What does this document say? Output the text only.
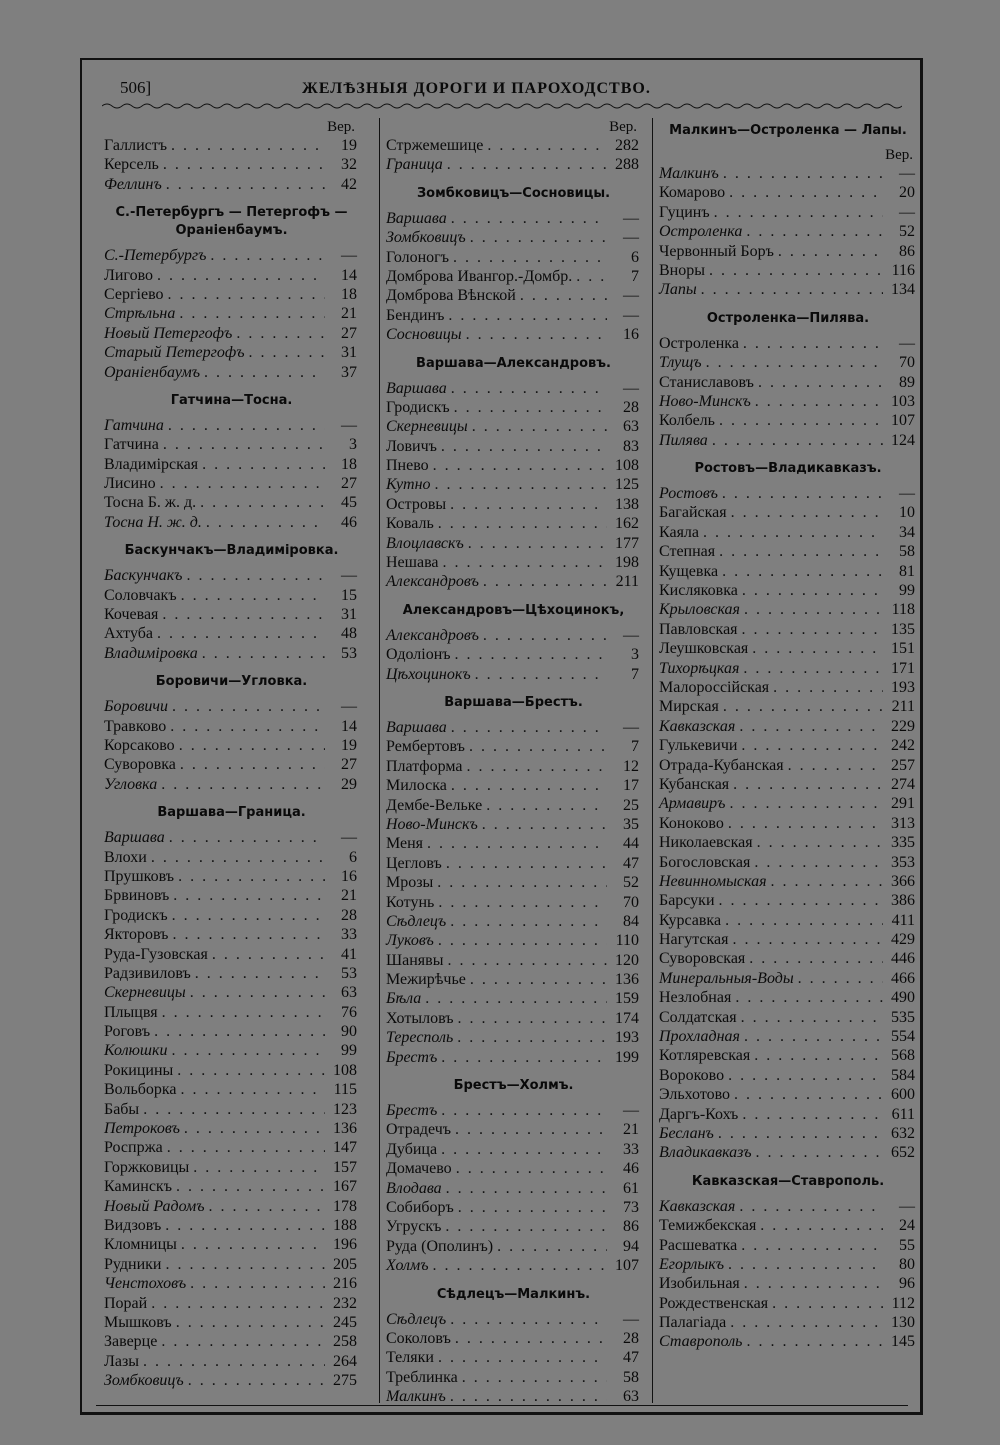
506]	ЖЕЛѢЗНЫЯ ДОРОГИ И ПАРОХОДСТВО.
Вер.
Галлистъ . . .	19
Керсель . . .	32
Феллинъ . . .	42
С.-Петербургъ — Петергофъ — Ораніенбаумъ.
С.-Петербургъ . . .	—
Лигово . . .	14
Сергіево . . .	18
Стрѣльна . . .	21
Новый Петергофъ . . .	27
Старый Петергофъ . . .	31
Ораніенбаумъ . . .	37
Гатчина—Тосна.
Гатчина . . .	—
Гатчина . . .	3
Владимірская . . .	18
Лисино . . .	27
Тосна Б. ж. д. . . .	45
Тосна Н. ж. д. . . .	46
Баскунчакъ—Владиміровка.
Баскунчакъ . . .	—
Соловчакъ . . .	15
Кочевая . . .	31
Ахтуба . . .	48
Владиміровка . . .	53
Боровичи—Угловка.
Боровичи . . .	—
Травково . . .	14
Корсаково . . .	19
Суворовка . . .	27
Угловка . . .	29
Варшава—Граница.
Варшава . . .	—
Влохи . . .	6
Прушковъ . . .	16
Брвиновъ . . .	21
Гродискъ . . .	28
Якторовъ . . .	33
Руда-Гузовская . . .	41
Радзивиловъ . . .	53
Скерневицы . . .	63
Плыцвя . . .	76
Роговъ . . .	90
Колюшки . . .	99
Рокицины . . .	108
Вольборка . . .	115
Бабы . . .	123
Петроковъ . . .	136
Роспржа . . .	147
Горжковицы . . .	157
Каминскъ . . .	167
Новый Радомъ . . .	178
Видзовъ . . .	188
Кломницы . . .	196
Рудники . . .	205
Ченстоховъ . . .	216
Порай . . .	232
Мышковъ . . .	245
Заверце . . .	258
Лазы . . .	264
Зомбковицъ . . .	275
Вер.
Стржемешице . . .	282
Граница . . .	288
Зомбковицъ—Сосновицы.
Варшава . . .	—
Зомбковицъ . . .	—
Голоногъ . . .	6
Домброва Ивангор.-Домбр. . . .	7
Домброва Вѣнской . . .	—
Бендинъ . . .	—
Сосновицы . . .	16
Варшава—Александровъ.
Варшава . . .	—
Гродискъ . . .	28
Скерневицы . . .	63
Ловичъ . . .	83
Пнево . . .	108
Кутно . . .	125
Островы . . .	138
Коваль . . .	162
Влоцлавскъ . . .	177
Нешава . . .	198
Александровъ . . .	211
Александровъ—Цѣхоцинокъ,
Александровъ . . .	—
Одоліонъ . . .	3
Цѣхоцинокъ . . .	7
Варшава—Брестъ.
Варшава . . .	—
Рембертовъ . . .	7
Платформа . . .	12
Милоска . . .	17
Дембе-Вельке . . .	25
Ново-Минскъ . . .	35
Меня . . .	44
Цегловъ . . .	47
Мрозы . . .	52
Котунь . . .	70
Сѣдлецъ . . .	84
Луковъ . . .	110
Шанявы . . .	120
Межирѣчье . . .	136
Бѣла . . .	159
Хотыловъ . . .	174
Тересполь . . .	193
Брестъ . . .	199
Брестъ—Холмъ.
Брестъ . . .	—
Отрадечъ . . .	21
Дубица . . .	33
Домачево . . .	46
Влодава . . .	61
Собиборъ . . .	73
Угрускъ . . .	86
Руда (Ополинъ) . . .	94
Холмъ . . .	107
Сѣдлецъ—Малкинъ.
Сѣдлецъ . . .	—
Соколовъ . . .	28
Теляки . . .	47
Треблинка . . .	58
Малкинъ . . .	63
Малкинъ—Остроленка — Лапы.
Вер.
Малкинъ . . .	—
Комарово . . .	20
Гуцинъ . . .	—
Остроленка . . .	52
Червонный Боръ . . .	86
Вноры . . .	116
Лапы . . .	134
Остроленка—Пилява.
Остроленка . . .	—
Тлущъ . . .	70
Станиславовъ . . .	89
Ново-Минскъ . . .	103
Колбель . . .	107
Пилява . . .	124
Ростовъ—Владикавказъ.
Ростовъ . . .	—
Багайская . . .	10
Каяла . . .	34
Степная . . .	58
Кущевка . . .	81
Кисляковка . . .	99
Крыловская . . .	118
Павловская . . .	135
Леушковская . . .	151
Тихорѣцкая . . .	171
Малороссійская . . .	193
Мирская . . .	211
Кавказская . . .	229
Гулькевичи . . .	242
Отрада-Кубанская . . .	257
Кубанская . . .	274
Армавиръ . . .	291
Коноково . . .	313
Николаевская . . .	335
Богословская . . .	353
Невинномыская . . .	366
Барсуки . . .	386
Курсавка . . .	411
Нагутская . . .	429
Суворовская . . .	446
Минеральныя-Воды . . .	466
Незлобная . . .	490
Солдатская . . .	535
Прохладная . . .	554
Котляревская . . .	568
Вороково . . .	584
Эльхотово . . .	600
Даргъ-Кохъ . . .	611
Бесланъ . . .	632
Владикавказъ . . .	652
Кавказская—Ставрополь.
Кавказская . . .	—
Темижбекская . . .	24
Расшеватка . . .	55
Егорлыкъ . . .	80
Изобильная . . .	96
Рождественская . . .	112
Палагіада . . .	130
Ставрополь . . .	145
